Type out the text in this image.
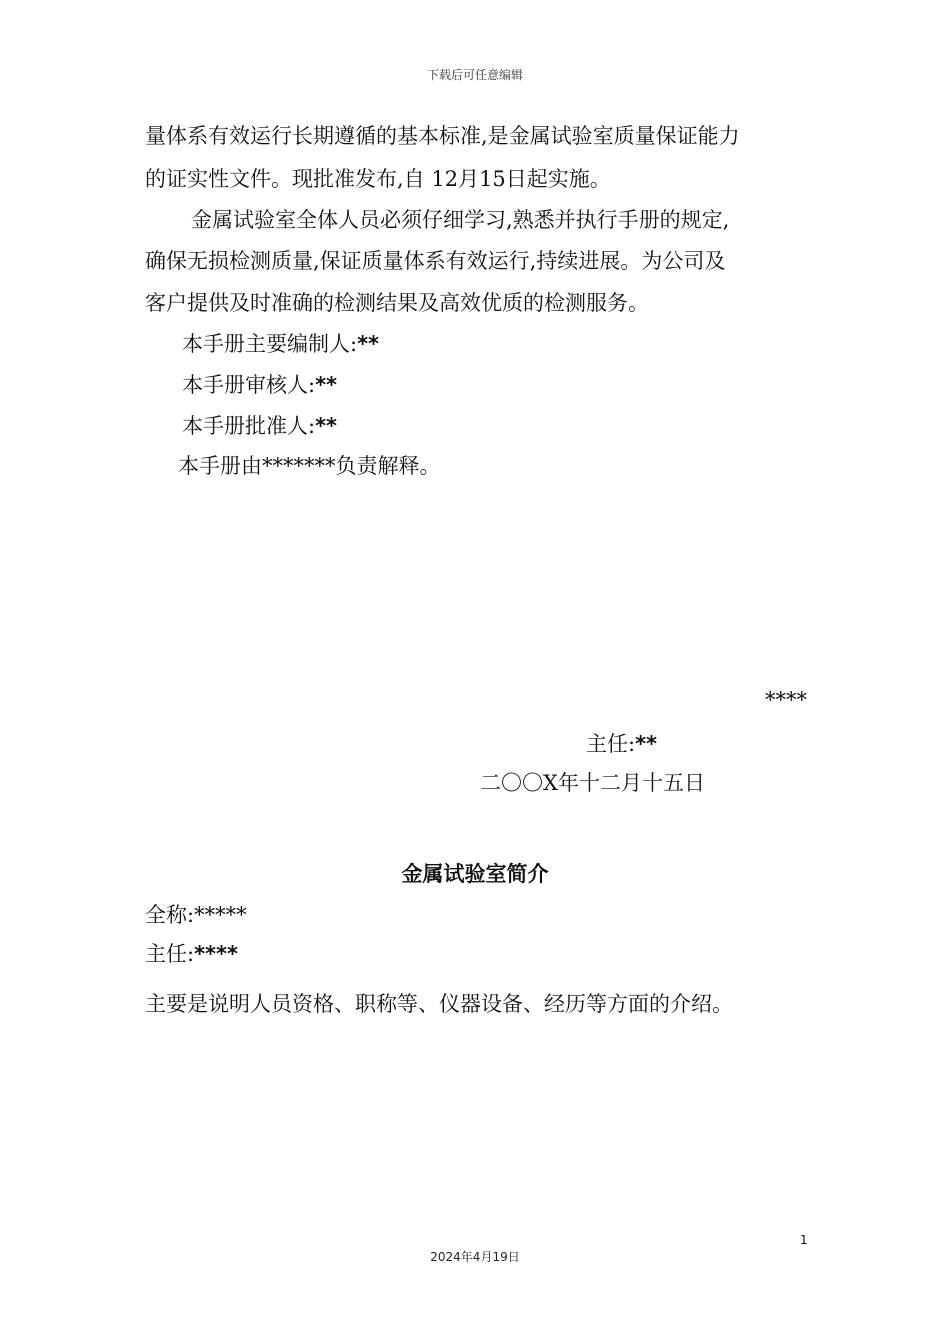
下载后可任意编辑
量体系有效运行长期遵循的基本标准,是金属试验室质量保证能力
的证实性文件。现批准发布,自 12月15日起实施。
金属试验室全体人员必须仔细学习,熟悉并执行手册的规定,
确保无损检测质量,保证质量体系有效运行,持续进展。为公司及
客户提供及时准确的检测结果及高效优质的检测服务。
本手册主要编制人:**
本手册审核人:**
本手册批准人:**
本手册由*******负责解释。
****
主任:**
二〇〇X年十二月十五日
金属试验室简介
全称:*****
主任:****
主要是说明人员资格、职称等、仪器设备、经历等方面的介绍。
1
2024年4月19日
